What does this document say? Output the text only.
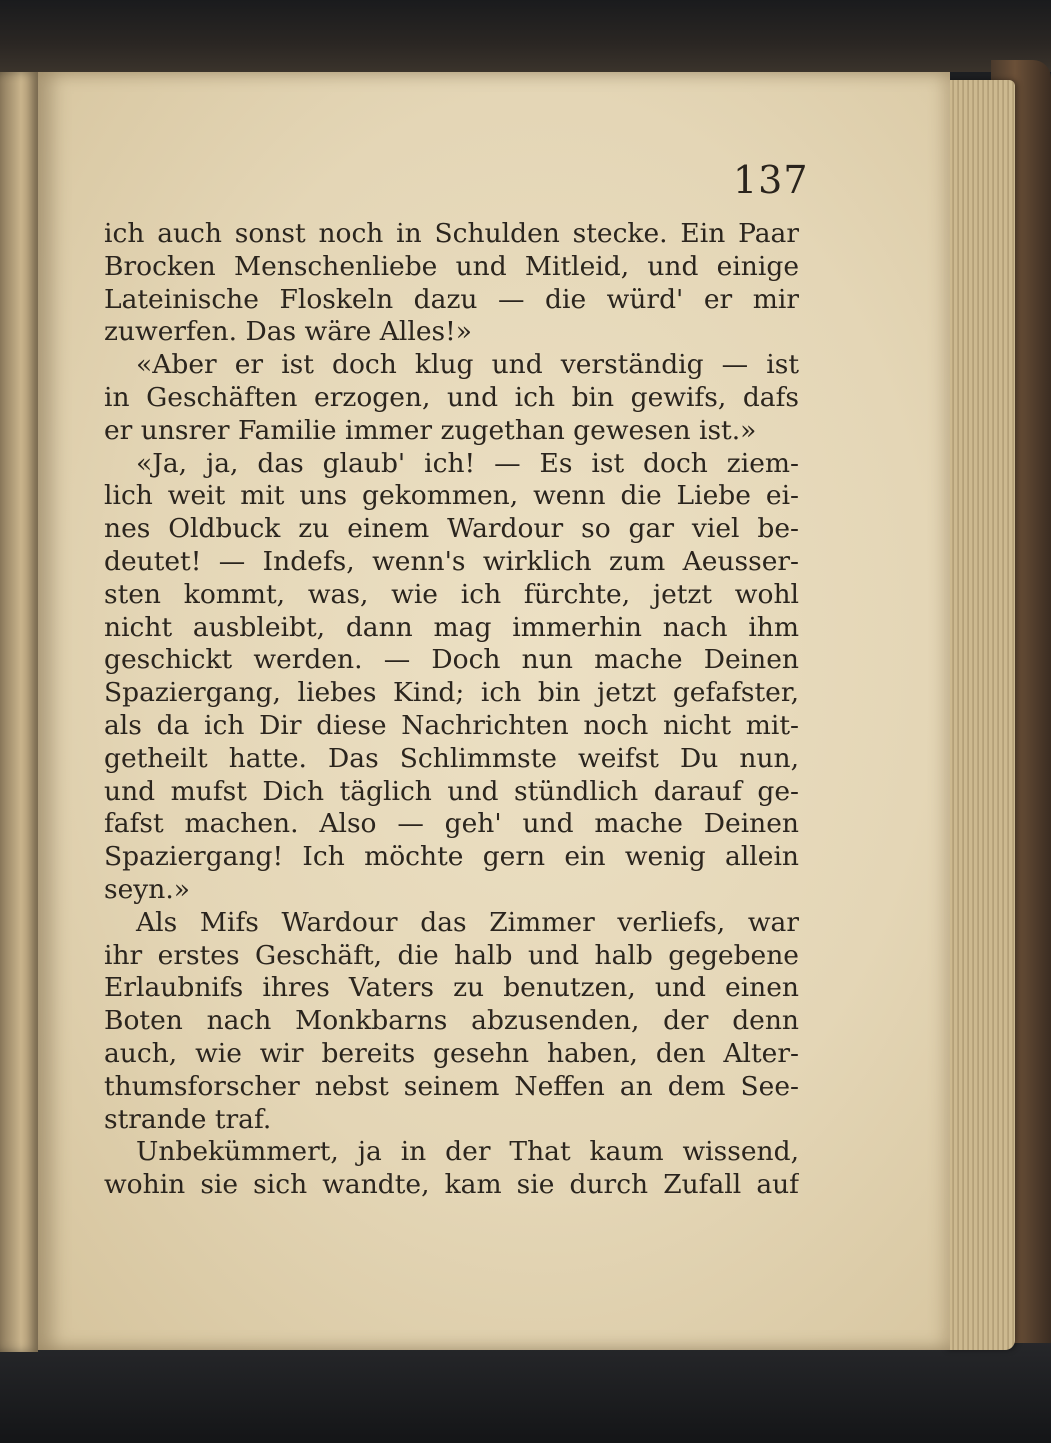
137
ich auch sonst noch in Schulden stecke. Ein Paar
Brocken Menschenliebe und Mitleid, und einige
Lateinische Floskeln dazu — die würd' er mir
zuwerfen. Das wäre Alles!»
«Aber er ist doch klug und verständig — ist
in Geschäften erzogen, und ich bin gewifs, dafs
er unsrer Familie immer zugethan gewesen ist.»
«Ja, ja, das glaub' ich! — Es ist doch ziem-
lich weit mit uns gekommen, wenn die Liebe ei-
nes Oldbuck zu einem Wardour so gar viel be-
deutet! — Indefs, wenn's wirklich zum Aeusser-
sten kommt, was, wie ich fürchte, jetzt wohl
nicht ausbleibt, dann mag immerhin nach ihm
geschickt werden. — Doch nun mache Deinen
Spaziergang, liebes Kind; ich bin jetzt gefafster,
als da ich Dir diese Nachrichten noch nicht mit-
getheilt hatte. Das Schlimmste weifst Du nun,
und mufst Dich täglich und stündlich darauf ge-
fafst machen. Also — geh' und mache Deinen
Spaziergang! Ich möchte gern ein wenig allein
seyn.»
Als Mifs Wardour das Zimmer verliefs, war
ihr erstes Geschäft, die halb und halb gegebene
Erlaubnifs ihres Vaters zu benutzen, und einen
Boten nach Monkbarns abzusenden, der denn
auch, wie wir bereits gesehn haben, den Alter-
thumsforscher nebst seinem Neffen an dem See-
strande traf.
Unbekümmert, ja in der That kaum wissend,
wohin sie sich wandte, kam sie durch Zufall auf
